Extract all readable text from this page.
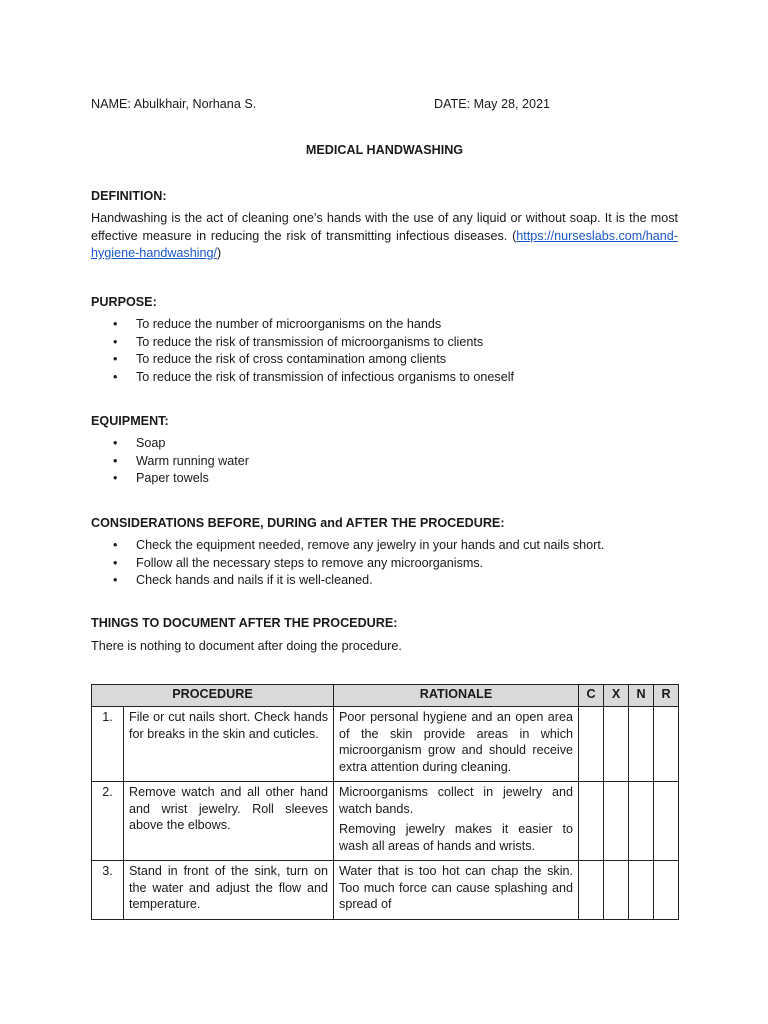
NAME: Abulkhair, Norhana S.	DATE: May 28, 2021
MEDICAL HANDWASHING
DEFINITION:
Handwashing is the act of cleaning one’s hands with the use of any liquid or without soap. It is the most effective measure in reducing the risk of transmitting infectious diseases. (https://nurseslabs.com/hand-hygiene-handwashing/)
PURPOSE:
• To reduce the number of microorganisms on the hands
• To reduce the risk of transmission of microorganisms to clients
• To reduce the risk of cross contamination among clients
• To reduce the risk of transmission of infectious organisms to oneself
EQUIPMENT:
• Soap
• Warm running water
• Paper towels
CONSIDERATIONS BEFORE, DURING and AFTER THE PROCEDURE:
• Check the equipment needed, remove any jewelry in your hands and cut nails short.
• Follow all the necessary steps to remove any microorganisms.
• Check hands and nails if it is well-cleaned.
THINGS TO DOCUMENT AFTER THE PROCEDURE:
There is nothing to document after doing the procedure.
PROCEDURE		RATIONALE	C	X	N	R
1.	File or cut nails short. Check hands for breaks in the skin and cuticles.	Poor personal hygiene and an open area of the skin provide areas in which microorganism grow and should receive extra attention during cleaning.				

2.	Remove watch and all other hand and wrist jewelry. Roll sleeves above the elbows.	Microorganisms collect in jewelry and watch bands.

Removing jewelry makes it easier to wash all areas of hands and wrists.				

3.	Stand in front of the sink, turn on the water and adjust the flow and temperature.	Water that is too hot can chap the skin. Too much force can cause splashing and spread of				
